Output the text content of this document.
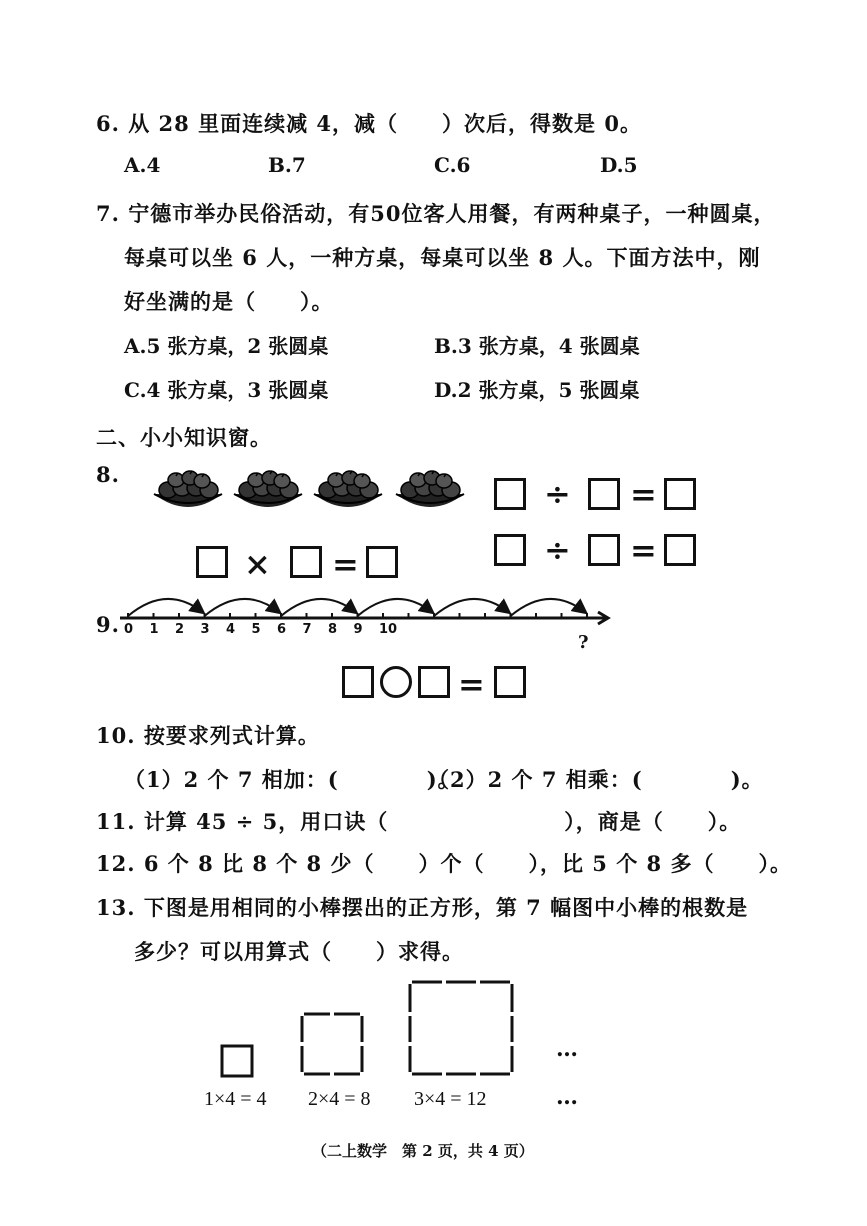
6. 从 28 里面连续减 4，减（　　）次后，得数是 0。
A.4	B.7	C.6	D.5
7. 宁德市举办民俗活动，有50位客人用餐，有两种桌子，一种圆桌，
每桌可以坐 6 人，一种方桌，每桌可以坐 8 人。下面方法中，刚
好坐满的是（　　）。
A.5 张方桌，2 张圆桌	B.3 张方桌，4 张圆桌
C.4 张方桌，3 张圆桌	D.2 张方桌，5 张圆桌
二、小小知识窗。
8.
÷ =
÷ =
× =
9. 0 1 2 3 4 5 6 7 8 9 10
?
=
10. 按要求列式计算。
（1）2 个 7 相加：(　　　　)。
（2）2 个 7 相乘：(　　　　)。
11. 计算 45 ÷ 5，用口诀（　　　　　　　　），商是（　　）。
12. 6 个 8 比 8 个 8 少（　　）个（　　），比 5 个 8 多（　　）。
13. 下图是用相同的小棒摆出的正方形，第 7 幅图中小棒的根数是
多少？可以用算式（　　）求得。
…
1×4 = 4 2×4 = 8 3×4 = 12	…
（二上数学　第 2 页，共 4 页）
